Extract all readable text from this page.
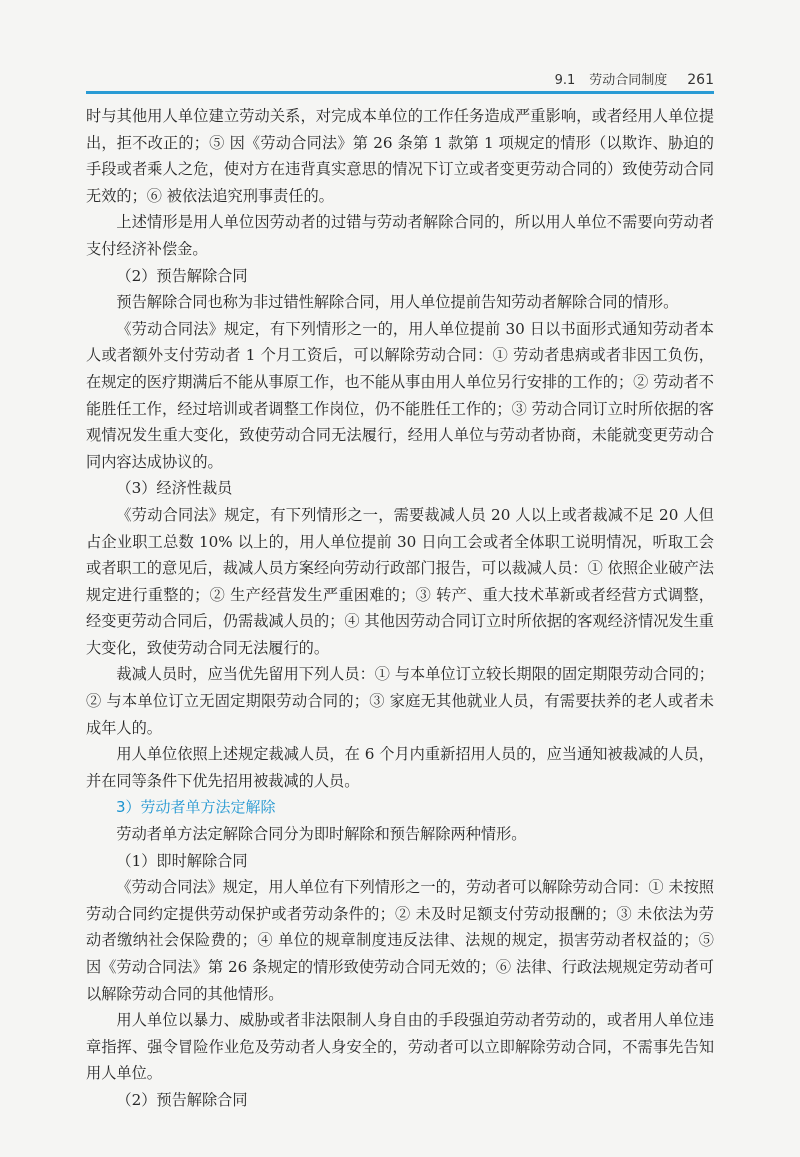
9.1 劳动合同制度 261

时与其他用人单位建立劳动关系，对完成本单位的工作任务造成严重影响，或者经用人单位提出，拒不改正的；⑤ 因《劳动合同法》第 26 条第 1 款第 1 项规定的情形（以欺诈、胁迫的手段或者乘人之危，使对方在违背真实意思的情况下订立或者变更劳动合同的）致使劳动合同无效的；⑥ 被依法追究刑事责任的。

上述情形是用人单位因劳动者的过错与劳动者解除合同的，所以用人单位不需要向劳动者支付经济补偿金。

（2）预告解除合同

预告解除合同也称为非过错性解除合同，用人单位提前告知劳动者解除合同的情形。

《劳动合同法》规定，有下列情形之一的，用人单位提前 30 日以书面形式通知劳动者本人或者额外支付劳动者 1 个月工资后，可以解除劳动合同：① 劳动者患病或者非因工负伤，在规定的医疗期满后不能从事原工作，也不能从事由用人单位另行安排的工作的；② 劳动者不能胜任工作，经过培训或者调整工作岗位，仍不能胜任工作的；③ 劳动合同订立时所依据的客观情况发生重大变化，致使劳动合同无法履行，经用人单位与劳动者协商，未能就变更劳动合同内容达成协议的。

（3）经济性裁员

《劳动合同法》规定，有下列情形之一，需要裁减人员 20 人以上或者裁减不足 20 人但占企业职工总数 10% 以上的，用人单位提前 30 日向工会或者全体职工说明情况，听取工会或者职工的意见后，裁减人员方案经向劳动行政部门报告，可以裁减人员：① 依照企业破产法规定进行重整的；② 生产经营发生严重困难的；③ 转产、重大技术革新或者经营方式调整，经变更劳动合同后，仍需裁减人员的；④ 其他因劳动合同订立时所依据的客观经济情况发生重大变化，致使劳动合同无法履行的。

裁减人员时，应当优先留用下列人员：① 与本单位订立较长期限的固定期限劳动合同的；② 与本单位订立无固定期限劳动合同的；③ 家庭无其他就业人员，有需要扶养的老人或者未成年人的。

用人单位依照上述规定裁减人员，在 6 个月内重新招用人员的，应当通知被裁减的人员，并在同等条件下优先招用被裁减的人员。

3）劳动者单方法定解除

劳动者单方法定解除合同分为即时解除和预告解除两种情形。

（1）即时解除合同

《劳动合同法》规定，用人单位有下列情形之一的，劳动者可以解除劳动合同：① 未按照劳动合同约定提供劳动保护或者劳动条件的；② 未及时足额支付劳动报酬的；③ 未依法为劳动者缴纳社会保险费的；④ 单位的规章制度违反法律、法规的规定，损害劳动者权益的；⑤ 因《劳动合同法》第 26 条规定的情形致使劳动合同无效的；⑥ 法律、行政法规规定劳动者可以解除劳动合同的其他情形。

用人单位以暴力、威胁或者非法限制人身自由的手段强迫劳动者劳动的，或者用人单位违章指挥、强令冒险作业危及劳动者人身安全的，劳动者可以立即解除劳动合同，不需事先告知用人单位。

（2）预告解除合同
